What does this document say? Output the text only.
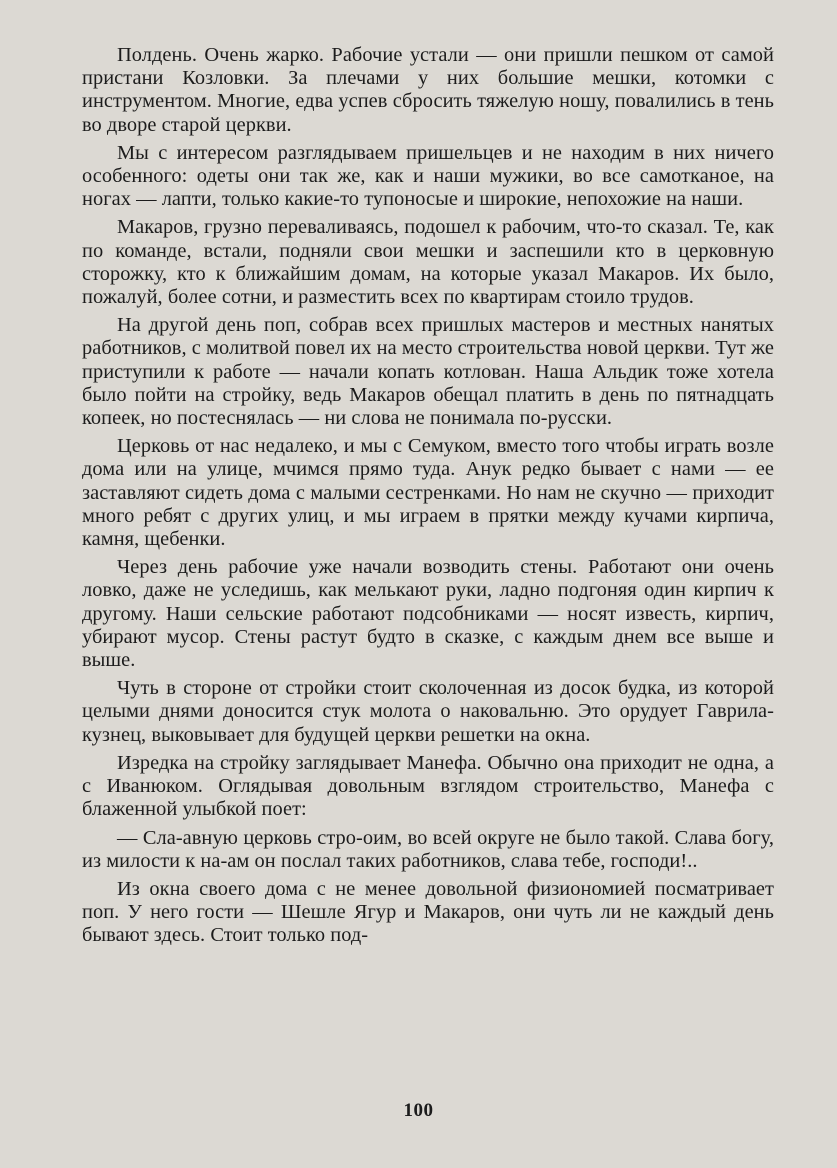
Полдень. Очень жарко. Рабочие устали — они пришли пешком от самой пристани Козловки. За плечами у них большие мешки, котомки с инструментом. Многие, едва успев сбросить тяжелую ношу, повалились в тень во дворе старой церкви.

Мы с интересом разглядываем пришельцев и не находим в них ничего особенного: одеты они так же, как и наши мужики, во все самотканое, на ногах — лапти, только какие-то тупоносые и широкие, непохожие на наши.

Макаров, грузно переваливаясь, подошел к рабочим, что-то сказал. Те, как по команде, встали, подняли свои мешки и заспешили кто в церковную сторожку, кто к ближайшим домам, на которые указал Макаров. Их было, пожалуй, более сотни, и разместить всех по квартирам стоило трудов.

На другой день поп, собрав всех пришлых мастеров и местных нанятых работников, с молитвой повел их на место строительства новой церкви. Тут же приступили к работе — начали копать котлован. Наша Альдик тоже хотела было пойти на стройку, ведь Макаров обещал платить в день по пятнадцать копеек, но постеснялась — ни слова не понимала по-русски.

Церковь от нас недалеко, и мы с Семуком, вместо того чтобы играть возле дома или на улице, мчимся прямо туда. Анук редко бывает с нами — ее заставляют сидеть дома с малыми сестренками. Но нам не скучно — приходит много ребят с других улиц, и мы играем в прятки между кучами кирпича, камня, щебенки.

Через день рабочие уже начали возводить стены. Работают они очень ловко, даже не уследишь, как мелькают руки, ладно подгоняя один кирпич к другому. Наши сельские работают подсобниками — носят известь, кирпич, убирают мусор. Стены растут будто в сказке, с каждым днем все выше и выше.

Чуть в стороне от стройки стоит сколоченная из досок будка, из которой целыми днями доносится стук молота о наковальню. Это орудует Гаврила-кузнец, выковывает для будущей церкви решетки на окна.

Изредка на стройку заглядывает Манефа. Обычно она приходит не одна, а с Иванюком. Оглядывая довольным взглядом строительство, Манефа с блаженной улыбкой поет:

— Сла-авную церковь стро-оим, во всей округе не было такой. Слава богу, из милости к на-ам он послал таких работников, слава тебе, господи!..

Из окна своего дома с не менее довольной физиономией посматривает поп. У него гости — Шешле Ягур и Макаров, они чуть ли не каждый день бывают здесь. Стоит только под-

100
